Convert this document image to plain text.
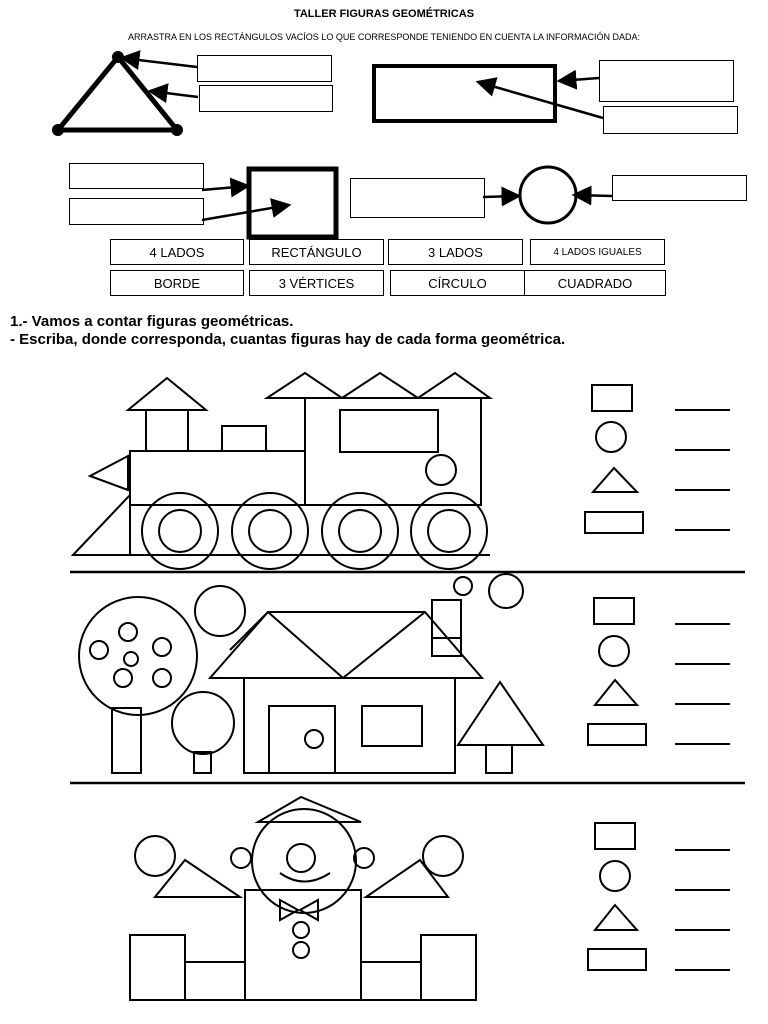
TALLER FIGURAS GEOMÉTRICAS
ARRASTRA EN LOS RECTÁNGULOS VACÍOS LO QUE CORRESPONDE TENIENDO EN CUENTA LA INFORMACIÓN DADA:
4 LADOS	RECTÁNGULO	3 LADOS	4 LADOS IGUALES
BORDE	3 VÉRTICES	CÍRCULO	CUADRADO
1.- Vamos a contar figuras geométricas.
- Escriba, donde corresponda, cuantas figuras hay de cada forma geométrica.
